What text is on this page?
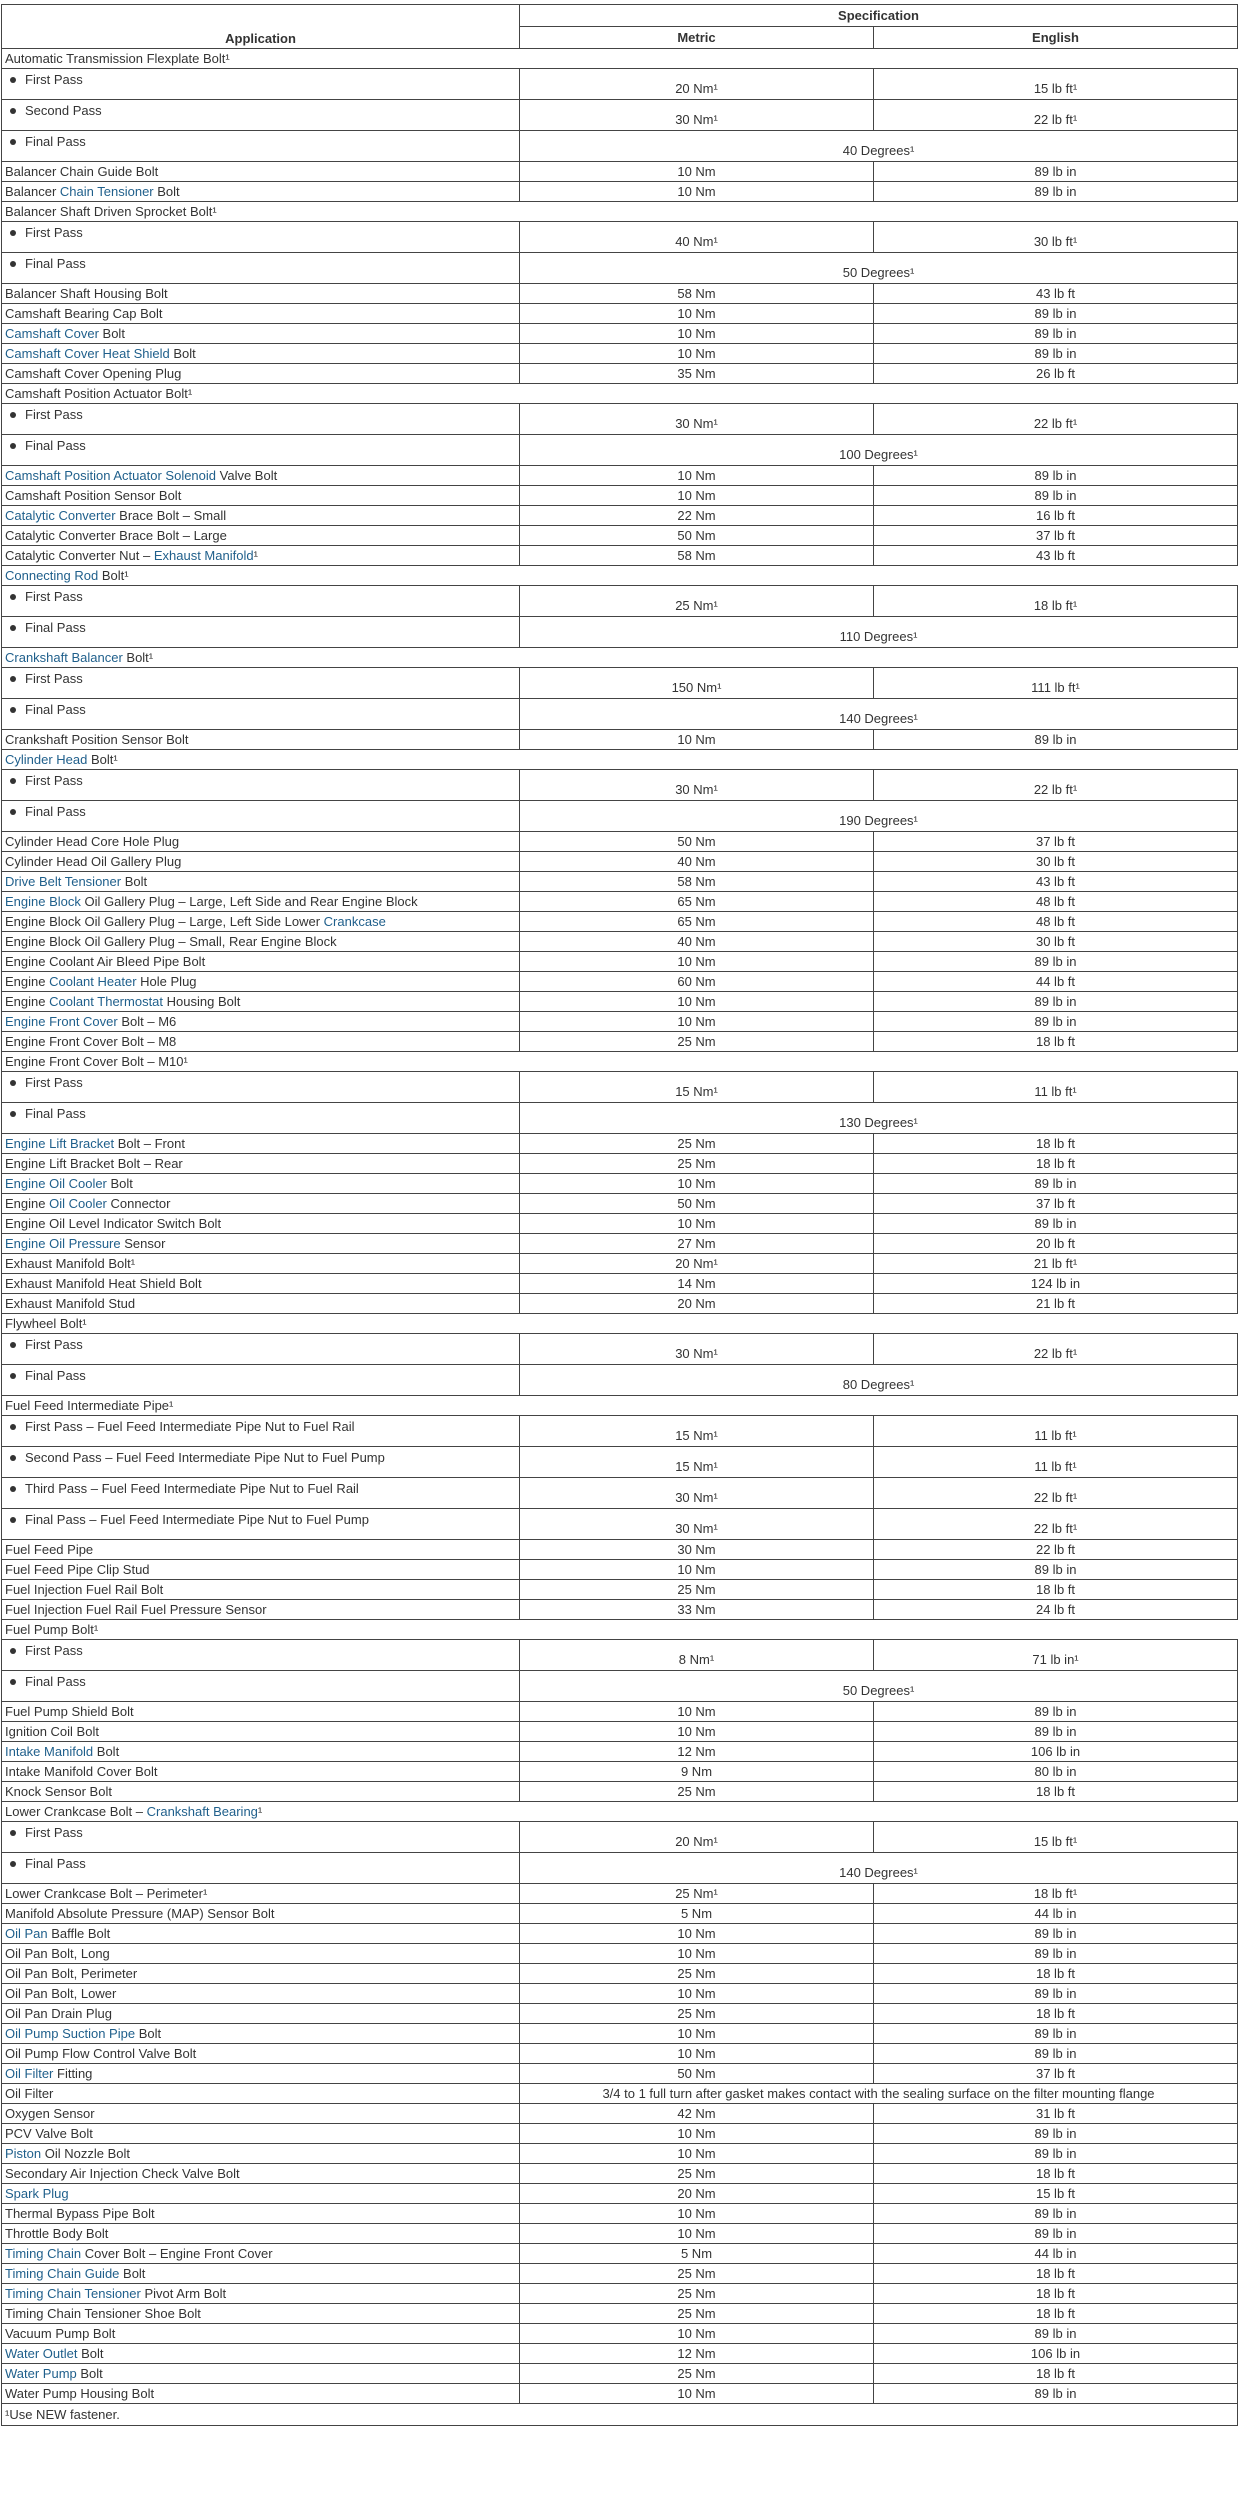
Application	Specification	
	Metric	English
Automatic Transmission Flexplate Bolt¹		
First Pass	20 Nm¹	15 lb ft¹
Second Pass	30 Nm¹	22 lb ft¹
Final Pass	40 Degrees¹	
Balancer Chain Guide Bolt	10 Nm	89 lb in
Balancer Chain Tensioner Bolt	10 Nm	89 lb in
Balancer Shaft Driven Sprocket Bolt¹		
First Pass	40 Nm¹	30 lb ft¹
Final Pass	50 Degrees¹	
Balancer Shaft Housing Bolt	58 Nm	43 lb ft
Camshaft Bearing Cap Bolt	10 Nm	89 lb in
Camshaft Cover Bolt	10 Nm	89 lb in
Camshaft Cover Heat Shield Bolt	10 Nm	89 lb in
Camshaft Cover Opening Plug	35 Nm	26 lb ft
Camshaft Position Actuator Bolt¹		
First Pass	30 Nm¹	22 lb ft¹
Final Pass	100 Degrees¹	
Camshaft Position Actuator Solenoid Valve Bolt	10 Nm	89 lb in
Camshaft Position Sensor Bolt	10 Nm	89 lb in
Catalytic Converter Brace Bolt – Small	22 Nm	16 lb ft
Catalytic Converter Brace Bolt – Large	50 Nm	37 lb ft
Catalytic Converter Nut – Exhaust Manifold¹	58 Nm	43 lb ft
Connecting Rod Bolt¹		
First Pass	25 Nm¹	18 lb ft¹
Final Pass	110 Degrees¹	
Crankshaft Balancer Bolt¹		
First Pass	150 Nm¹	111 lb ft¹
Final Pass	140 Degrees¹	
Crankshaft Position Sensor Bolt	10 Nm	89 lb in
Cylinder Head Bolt¹		
First Pass	30 Nm¹	22 lb ft¹
Final Pass	190 Degrees¹	
Cylinder Head Core Hole Plug	50 Nm	37 lb ft
Cylinder Head Oil Gallery Plug	40 Nm	30 lb ft
Drive Belt Tensioner Bolt	58 Nm	43 lb ft
Engine Block Oil Gallery Plug – Large, Left Side and Rear Engine Block	65 Nm	48 lb ft
Engine Block Oil Gallery Plug – Large, Left Side Lower Crankcase	65 Nm	48 lb ft
Engine Block Oil Gallery Plug – Small, Rear Engine Block	40 Nm	30 lb ft
Engine Coolant Air Bleed Pipe Bolt	10 Nm	89 lb in
Engine Coolant Heater Hole Plug	60 Nm	44 lb ft
Engine Coolant Thermostat Housing Bolt	10 Nm	89 lb in
Engine Front Cover Bolt – M6	10 Nm	89 lb in
Engine Front Cover Bolt – M8	25 Nm	18 lb ft
Engine Front Cover Bolt – M10¹		
First Pass	15 Nm¹	11 lb ft¹
Final Pass	130 Degrees¹	
Engine Lift Bracket Bolt – Front	25 Nm	18 lb ft
Engine Lift Bracket Bolt – Rear	25 Nm	18 lb ft
Engine Oil Cooler Bolt	10 Nm	89 lb in
Engine Oil Cooler Connector	50 Nm	37 lb ft
Engine Oil Level Indicator Switch Bolt	10 Nm	89 lb in
Engine Oil Pressure Sensor	27 Nm	20 lb ft
Exhaust Manifold Bolt¹	20 Nm¹	21 lb ft¹
Exhaust Manifold Heat Shield Bolt	14 Nm	124 lb in
Exhaust Manifold Stud	20 Nm	21 lb ft
Flywheel Bolt¹		
First Pass	30 Nm¹	22 lb ft¹
Final Pass	80 Degrees¹	
Fuel Feed Intermediate Pipe¹		
First Pass – Fuel Feed Intermediate Pipe Nut to Fuel Rail	15 Nm¹	11 lb ft¹
Second Pass – Fuel Feed Intermediate Pipe Nut to Fuel Pump	15 Nm¹	11 lb ft¹
Third Pass – Fuel Feed Intermediate Pipe Nut to Fuel Rail	30 Nm¹	22 lb ft¹
Final Pass – Fuel Feed Intermediate Pipe Nut to Fuel Pump	30 Nm¹	22 lb ft¹
Fuel Feed Pipe	30 Nm	22 lb ft
Fuel Feed Pipe Clip Stud	10 Nm	89 lb in
Fuel Injection Fuel Rail Bolt	25 Nm	18 lb ft
Fuel Injection Fuel Rail Fuel Pressure Sensor	33 Nm	24 lb ft
Fuel Pump Bolt¹		
First Pass	8 Nm¹	71 lb in¹
Final Pass	50 Degrees¹	
Fuel Pump Shield Bolt	10 Nm	89 lb in
Ignition Coil Bolt	10 Nm	89 lb in
Intake Manifold Bolt	12 Nm	106 lb in
Intake Manifold Cover Bolt	9 Nm	80 lb in
Knock Sensor Bolt	25 Nm	18 lb ft
Lower Crankcase Bolt – Crankshaft Bearing¹		
First Pass	20 Nm¹	15 lb ft¹
Final Pass	140 Degrees¹	
Lower Crankcase Bolt – Perimeter¹	25 Nm¹	18 lb ft¹
Manifold Absolute Pressure (MAP) Sensor Bolt	5 Nm	44 lb in
Oil Pan Baffle Bolt	10 Nm	89 lb in
Oil Pan Bolt, Long	10 Nm	89 lb in
Oil Pan Bolt, Perimeter	25 Nm	18 lb ft
Oil Pan Bolt, Lower	10 Nm	89 lb in
Oil Pan Drain Plug	25 Nm	18 lb ft
Oil Pump Suction Pipe Bolt	10 Nm	89 lb in
Oil Pump Flow Control Valve Bolt	10 Nm	89 lb in
Oil Filter Fitting	50 Nm	37 lb ft
Oil Filter	3/4 to 1 full turn after gasket makes contact with the sealing surface on the filter mounting flange	
Oxygen Sensor	42 Nm	31 lb ft
PCV Valve Bolt	10 Nm	89 lb in
Piston Oil Nozzle Bolt	10 Nm	89 lb in
Secondary Air Injection Check Valve Bolt	25 Nm	18 lb ft
Spark Plug	20 Nm	15 lb ft
Thermal Bypass Pipe Bolt	10 Nm	89 lb in
Throttle Body Bolt	10 Nm	89 lb in
Timing Chain Cover Bolt – Engine Front Cover	5 Nm	44 lb in
Timing Chain Guide Bolt	25 Nm	18 lb ft
Timing Chain Tensioner Pivot Arm Bolt	25 Nm	18 lb ft
Timing Chain Tensioner Shoe Bolt	25 Nm	18 lb ft
Vacuum Pump Bolt	10 Nm	89 lb in
Water Outlet Bolt	12 Nm	106 lb in
Water Pump Bolt	25 Nm	18 lb ft
Water Pump Housing Bolt	10 Nm	89 lb in
¹Use NEW fastener.		
